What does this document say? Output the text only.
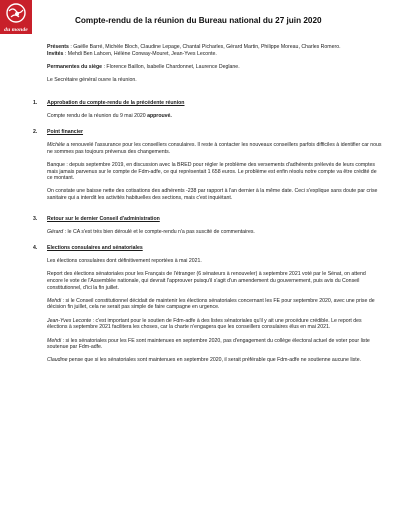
du monde
Compte-rendu de la réunion du Bureau national du 27 juin 2020
Présents : Gaëlle Barré, Michèle Bloch, Claudine Lepage, Chantal Picharles, Gérard Martin, Philippe Moreau, Charles Romero.
Invités : Mehdi Ben Lahcen, Hélène Conway-Mouret, Jean-Yves Leconte.
Permanentes du siège : Florence Baillon, Isabelle Chardonnet, Laurence Deglane.
Le Secrétaire général ouvre la réunion.
1.	Approbation du compte-rendu de la précédente réunion

Compte rendu de la réunion du 9 mai 2020 approuvé.

2.	Point financier

Michèle a renouvelé l'assurance pour les conseillers consulaires. Il reste à contacter les nouveaux conseillers parfois difficiles à identifier car nous ne sommes pas toujours prévenus des changements.

Banque : depuis septembre 2019, en discussion avec la BRED pour régler le problème des versements d'adhérents prélevés de leurs comptes mais jamais parvenus sur le compte de Fdm-adfe, ce qui représentait 1 658 euros. Le problème est enfin résolu notre compte va être crédité de ce montant.

On constate une baisse nette des cotisations des adhérents -238 par rapport à l'an dernier à la même date. Ceci s'explique sans doute par crise sanitaire qui a interdit les activités habituelles des sections, mais c'est inquiétant.

3.	Retour sur le dernier Conseil d'administration

Gérard : le CA s'est très bien déroulé et le compte-rendu n'a pas suscité de commentaires.

4.	Elections consulaires and sénatoriales

Les élections consulaires dont définitivement reportées à mai 2021.

Report des élections sénatoriales pour les Français de l'étranger (6 sénateurs à renouveler) à septembre 2021 voté par le Sénat, on attend encore le vote de l'Assemblée nationale, qui devrait l'approuver puisqu'il s'agit d'un amendement du gouvernement, puis avis du Conseil constitutionnel, d'ici la fin juillet.

Mehdi : si le Conseil constitutionnel décidait de maintenir les élections sénatoriales concernant les FE pour septembre 2020, avec une prise de décision fin juillet, cela ne serait pas simple de faire campagne en urgence.

Jean-Yves Leconte : c'est important pour le soutien de Fdm-adfe à des listes sénatoriales qu'il y ait une procédure crédible. Le report des élections à septembre 2021 facilitera les choses, car la charte n'engagera que les conseillers consulaires élus en mai 2021.

Mehdi : si les sénatoriales pour les FE sont maintenues en septembre 2020, pas d'engagement du collège électoral actuel de voter pour liste soutenue par Fdm-adfe.

Claudine pense que si les sénatoriales sont maintenues en septembre 2020, il serait préférable que Fdm-adfe ne soutienne aucune liste.
